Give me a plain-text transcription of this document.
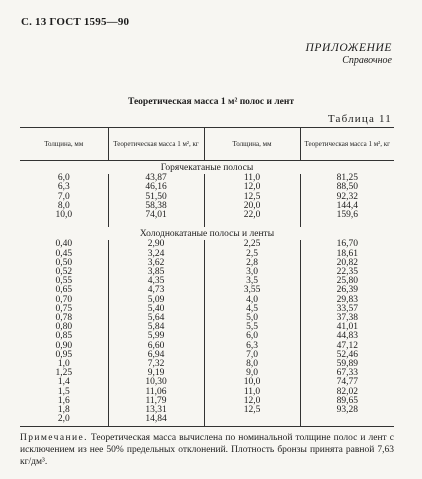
С. 13 ГОСТ 1595—90
ПРИЛОЖЕНИЕ
Справочное
Теоретическая масса 1 м² полос и лент
Таблица 11
Толщина, мм	Теоретическая масса 1 м², кг	Толщина, мм	Теоретическая масса 1 м², кг
Горячекатаные полосы			
6,0	43,87	11,0	81,25
6,3	46,16	12,0	88,50
7,0	51,50	12,5	92,32
8,0	58,38	20,0	144,4
10,0	74,01	22,0	159,6

Холоднокатаные полосы и ленты			
0,40	2,90	2,25	16,70
0,45	3,24	2,5	18,61
0,50	3,62	2,8	20,82
0,52	3,85	3,0	22,35
0,55	4,35	3,5	25,80
0,65	4,73	3,55	26,39
0,70	5,09	4,0	29,83
0,75	5,40	4,5	33,57
0,78	5,64	5,0	37,38
0,80	5,84	5,5	41,01
0,85	5,99	6,0	44,83
0,90	6,60	6,3	47,12
0,95	6,94	7,0	52,46
1,0	7,32	8,0	59,89
1,25	9,19	9,0	67,33
1,4	10,30	10,0	74,77
1,5	11,06	11,0	82,02
1,6	11,79	12,0	89,65
1,8	13,31	12,5	93,28
2,0	14,84		
Примечание. Теоретическая масса вычислена по номинальной толщине полос и лент с исключением из нее 50% предельных отклонений. Плотность бронзы принята равной 7,63 кг/дм³.
